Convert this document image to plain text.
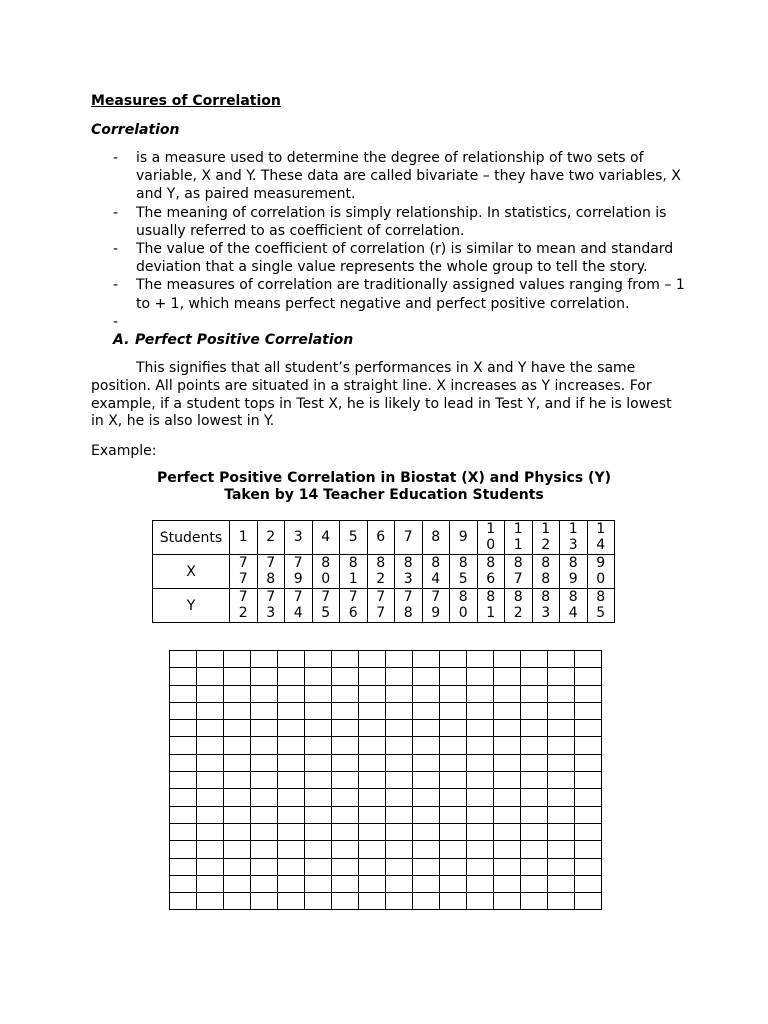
Measures of Correlation
Correlation
- is a measure used to determine the degree of relationship of two sets of variable, X and Y. These data are called bivariate – they have two variables, X and Y, as paired measurement.
- The meaning of correlation is simply relationship. In statistics, correlation is usually referred to as coefficient of correlation.
- The value of the coefficient of correlation (r) is similar to mean and standard deviation that a single value represents the whole group to tell the story.
- The measures of correlation are traditionally assigned values ranging from – 1 to + 1, which means perfect negative and perfect positive correlation.
-
A. Perfect Positive Correlation

This signifies that all student’s performances in X and Y have the same position. All points are situated in a straight line. X increases as Y increases. For example, if a student tops in Test X, he is likely to lead in Test Y, and if he is lowest in X, he is also lowest in Y.

Example:
Perfect Positive Correlation in Biostat (X) and Physics (Y)
Taken by 14 Teacher Education Students
Students	1	2	3	4	5	6	7	8	9	10	11	12	13	14
X	77	78	79	80	81	82	83	84	85	86	87	88	89	90
Y	72	73	74	75	76	77	78	79	80	81	82	83	84	85
